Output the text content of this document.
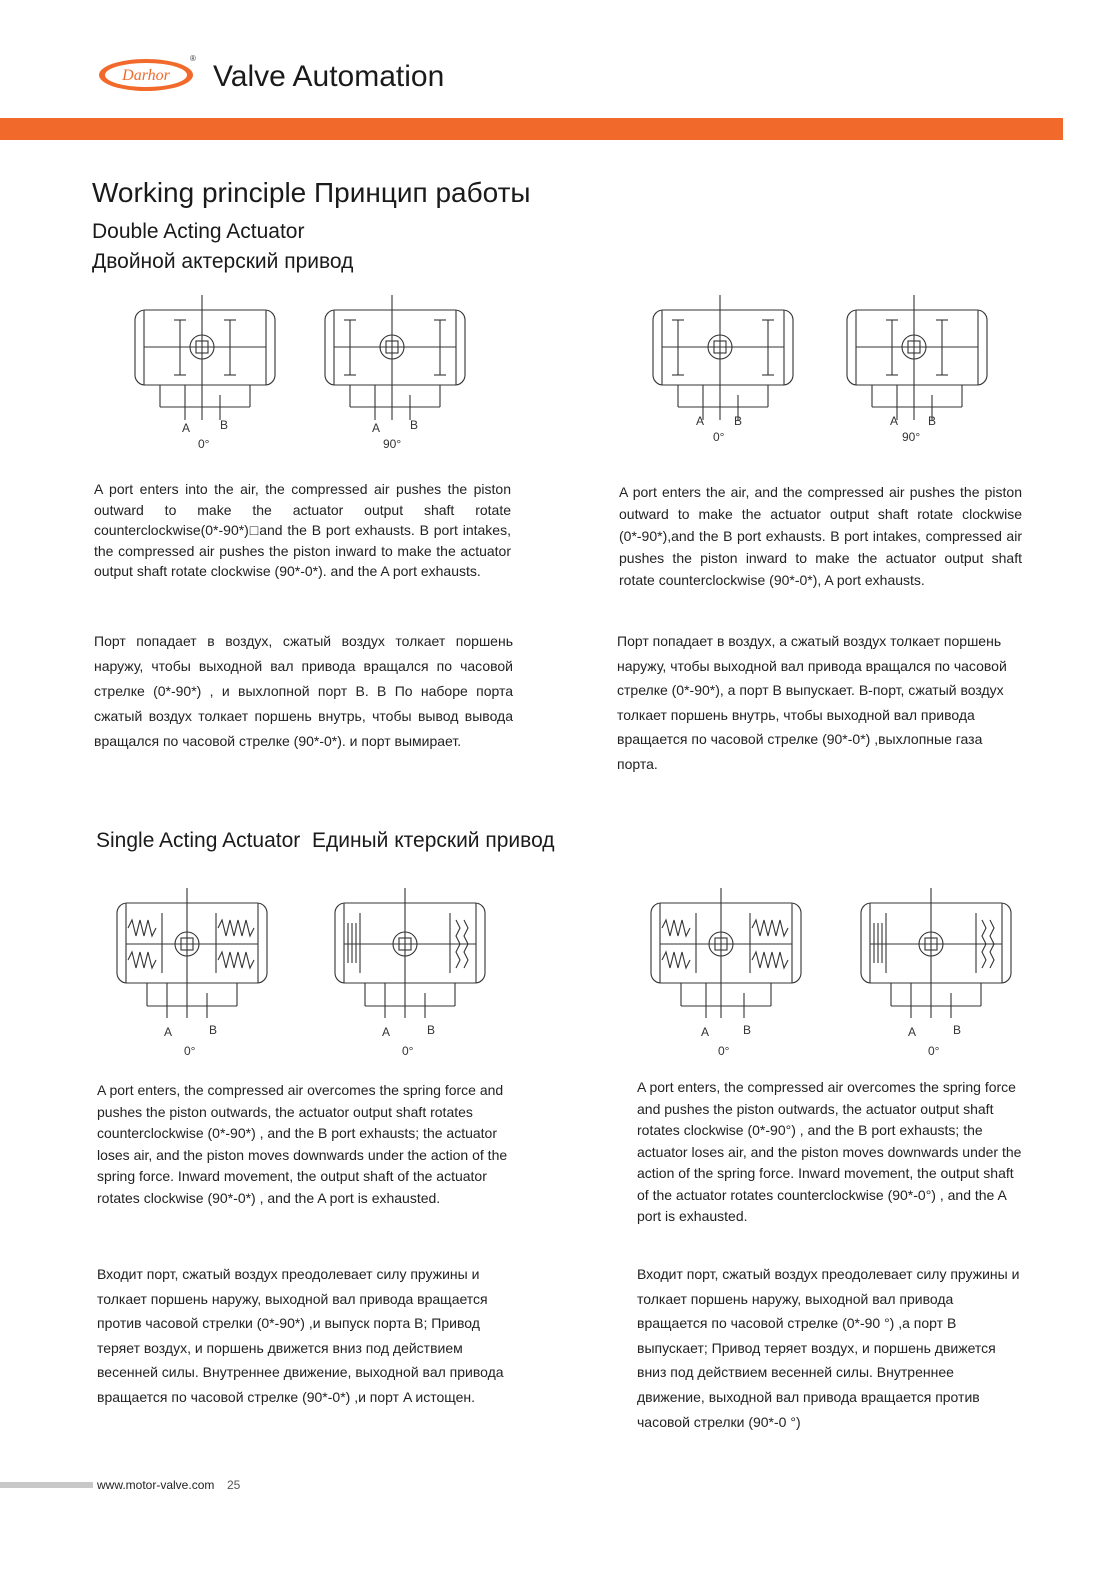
Darhor
®
Valve Automation
Working principle Принцип работы
Double Acting Actuator
Двойной актерский привод
A B
0°
A B
90°
A B
0°
A B
90°
A port enters into the air, the compressed air pushes the piston outward to make the actuator output shaft rotate counterclockwise(0*-90*)□and the B port exhausts. B port intakes, the compressed air pushes the piston inward to make the actuator output shaft rotate clockwise (90*-0*). and the A port exhausts.
Порт попадает в воздух, сжатый воздух толкает поршень наружу, чтобы выходной вал привода вращался по часовой стрелке (0*-90*) , и выхлопной порт B. В По наборе порта сжатый воздух толкает поршень внутрь, чтобы вывод вывода вращался по часовой стрелке (90*-0*). и порт вымирает.
A port enters the air, and the compressed air pushes the piston outward to make the actuator output shaft rotate clockwise (0*-90*),and the B port exhausts. B port intakes, compressed air pushes the piston inward to make the actuator output shaft rotate counterclockwise (90*-0*), A port exhausts.
Порт попадает в воздух, а сжатый воздух толкает поршень наружу, чтобы выходной вал привода вращался по часовой стрелке (0*-90*), а порт B выпускает. B-порт, сжатый воздух толкает поршень внутрь, чтобы выходной вал привода вращается по часовой стрелке (90*-0*) ,выхлопные газа порта.
Single Acting Actuator  Единый ктерский привод
A	B
0°
A	B
0°
A	B
0°
A	B
0°
A port enters, the compressed air overcomes the spring force and pushes the piston outwards, the actuator output shaft rotates counterclockwise (0*-90*) , and the B port exhausts; the actuator loses air, and the piston moves downwards under the action of the spring force. Inward movement, the output shaft of the actuator rotates clockwise (90*-0*) , and the A port is exhausted.
Входит порт, сжатый воздух преодолевает силу пружины и толкает поршень наружу, выходной вал привода вращается против часовой стрелки (0*-90*) ,и выпуск порта B; Привод теряет воздух, и поршень движется вниз под действием весенней силы. Внутреннее движение, выходной вал привода вращается по часовой стрелке (90*-0*) ,и порт A истощен.
A port enters, the compressed air overcomes the spring force and pushes the piston outwards, the actuator output shaft rotates clockwise (0*-90°) , and the B port exhausts; the actuator loses air, and the piston moves downwards under the action of the spring force. Inward movement, the output shaft of the actuator rotates counterclockwise (90*-0°) , and the A port is exhausted.
Входит порт, сжатый воздух преодолевает силу пружины и толкает поршень наружу, выходной вал привода вращается по часовой стрелке (0*-90 °) ,а порт B выпускает; Привод теряет воздух, и поршень движется вниз под действием весенней силы. Внутреннее движение, выходной вал привода вращается против часовой стрелки (90*-0 °)
www.motor-valve.com 25
